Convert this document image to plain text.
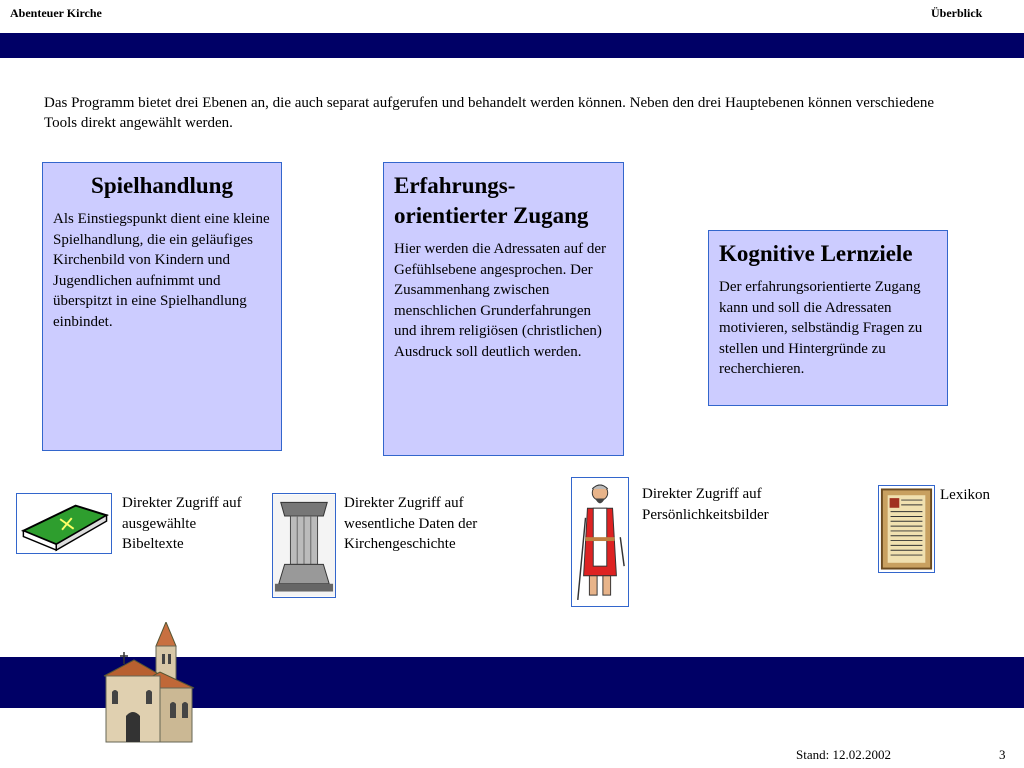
Abenteuer Kirche	Überblick
Das Programm bietet drei Ebenen an, die auch separat aufgerufen und behandelt werden können. Neben den drei Hauptebenen können verschiedene Tools direkt angewählt werden.
Spielhandlung

Als Einstiegspunkt dient eine kleine Spielhandlung, die ein geläufiges Kirchenbild von Kindern und Jugendlichen aufnimmt und überspitzt in eine Spielhandlung einbindet.

Erfahrungs-orientierter Zugang

Hier werden die Adressaten auf der Gefühlsebene angesprochen. Der Zusammenhang zwischen menschlichen Grunderfahrungen und ihrem religiösen (christlichen) Ausdruck soll deutlich werden.

Kognitive Lernziele

Der erfahrungsorientierte Zugang kann und soll die Adressaten motivieren, selbständig Fragen zu stellen und Hintergründe zu recherchieren.

Direkter Zugriff auf ausgewählte Bibeltexte
Direkter Zugriff auf wesentliche Daten der Kirchengeschichte
Direkter Zugriff auf Persönlichkeitsbilder
Lexikon
Stand: 12.02.2002	3
